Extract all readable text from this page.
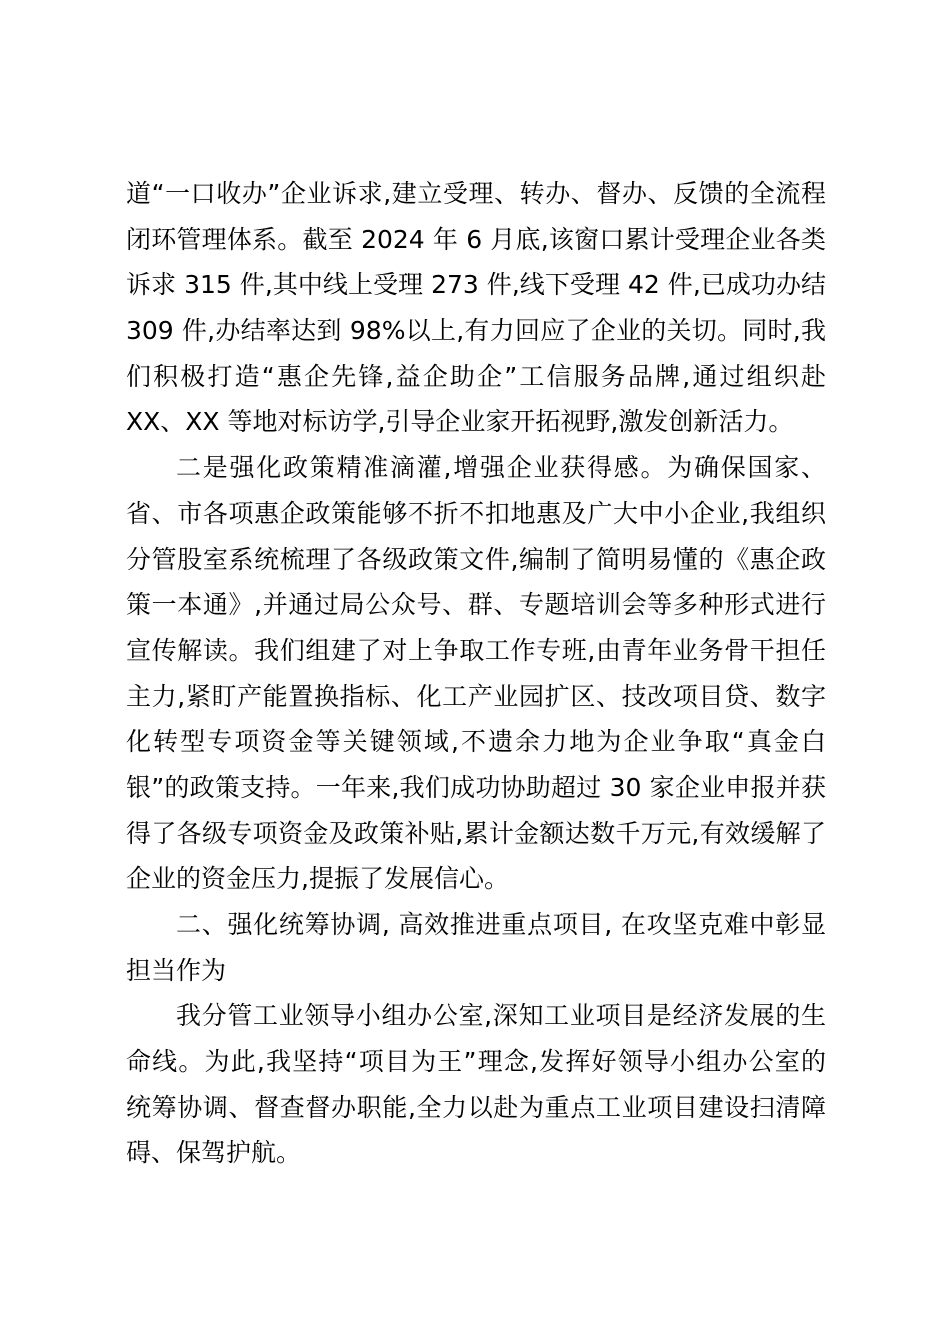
道“一口收办”企业诉求,建立受理、转办、督办、反馈的全流程
闭环管理体系。截至 2024 年 6 月底,该窗口累计受理企业各类
诉求 315 件,其中线上受理 273 件,线下受理 42 件,已成功办结
309 件,办结率达到 98%以上,有力回应了企业的关切。同时,我
们积极打造“惠企先锋,益企助企”工信服务品牌,通过组织赴
XX、XX 等地对标访学,引导企业家开拓视野,激发创新活力。
二是强化政策精准滴灌,增强企业获得感。为确保国家、
省、市各项惠企政策能够不折不扣地惠及广大中小企业,我组织
分管股室系统梳理了各级政策文件,编制了简明易懂的《惠企政
策一本通》,并通过局公众号、群、专题培训会等多种形式进行
宣传解读。我们组建了对上争取工作专班,由青年业务骨干担任
主力,紧盯产能置换指标、化工产业园扩区、技改项目贷、数字
化转型专项资金等关键领域,不遗余力地为企业争取“真金白
银”的政策支持。一年来,我们成功协助超过 30 家企业申报并获
得了各级专项资金及政策补贴,累计金额达数千万元,有效缓解了
企业的资金压力,提振了发展信心。
二、强化统筹协调, 高效推进重点项目, 在攻坚克难中彰显
担当作为
我分管工业领导小组办公室,深知工业项目是经济发展的生
命线。为此,我坚持“项目为王”理念,发挥好领导小组办公室的
统筹协调、督查督办职能,全力以赴为重点工业项目建设扫清障
碍、保驾护航。
